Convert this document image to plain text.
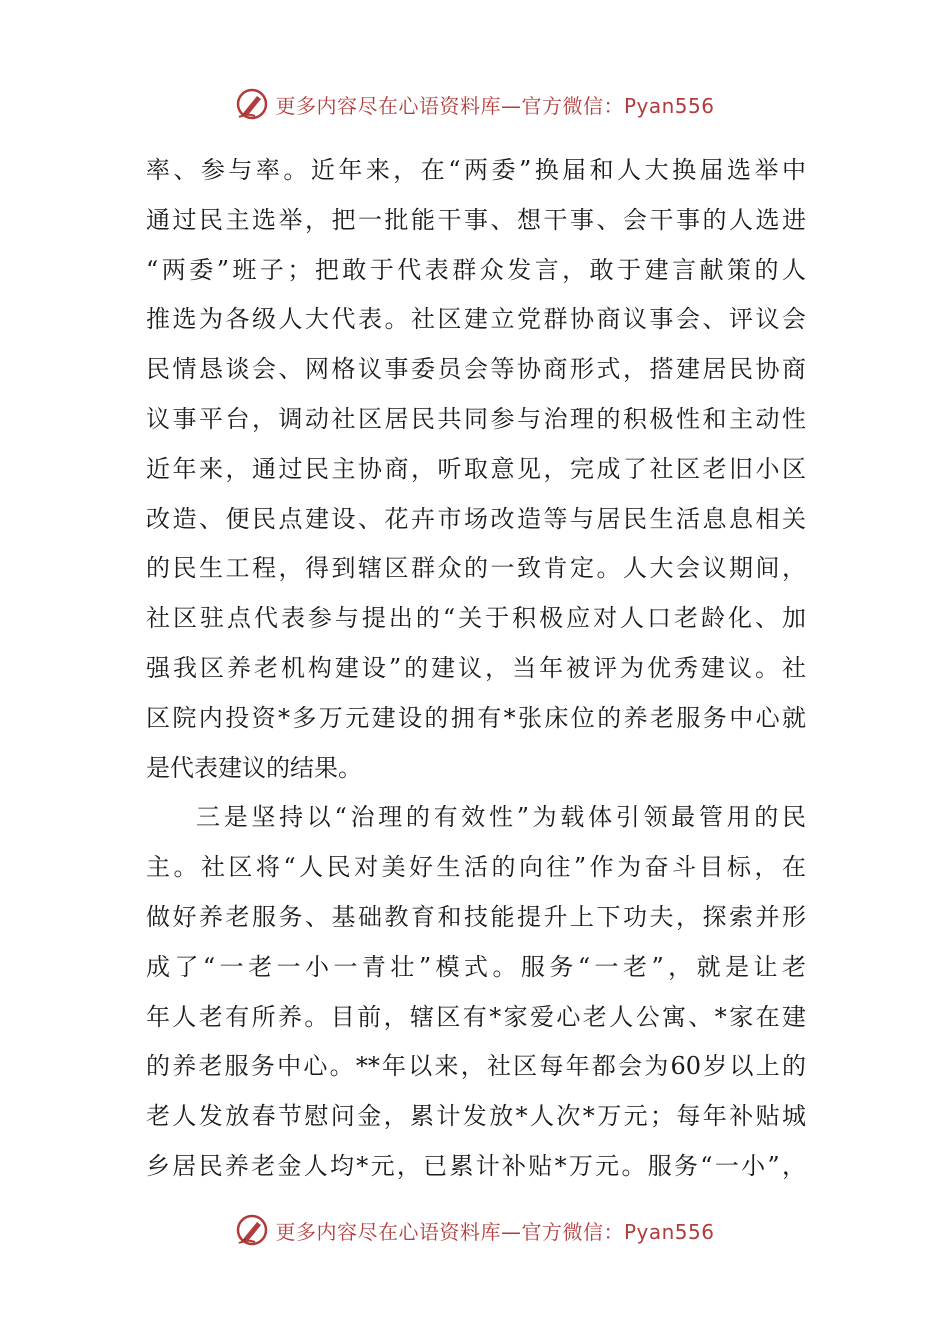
更多内容尽在心语资料库—官方微信：Pyan556
率、参与率。近年来，在“两委”换届和人大换届选举中
通过民主选举，把一批能干事、想干事、会干事的人选进
“两委”班子；把敢于代表群众发言，敢于建言献策的人
推选为各级人大代表。社区建立党群协商议事会、评议会
民情恳谈会、网格议事委员会等协商形式，搭建居民协商
议事平台，调动社区居民共同参与治理的积极性和主动性
近年来，通过民主协商，听取意见，完成了社区老旧小区
改造、便民点建设、花卉市场改造等与居民生活息息相关
的民生工程，得到辖区群众的一致肯定。人大会议期间，
社区驻点代表参与提出的“关于积极应对人口老龄化、加
强我区养老机构建设”的建议，当年被评为优秀建议。社
区院内投资*多万元建设的拥有*张床位的养老服务中心就
是代表建议的结果。
三是坚持以“治理的有效性”为载体引领最管用的民
主。社区将“人民对美好生活的向往”作为奋斗目标，在
做好养老服务、基础教育和技能提升上下功夫，探索并形
成了“一老一小一青壮”模式。服务“一老”，就是让老
年人老有所养。目前，辖区有*家爱心老人公寓、*家在建
的养老服务中心。**年以来，社区每年都会为60岁以上的
老人发放春节慰问金，累计发放*人次*万元；每年补贴城
乡居民养老金人均*元，已累计补贴*万元。服务“一小”，
更多内容尽在心语资料库—官方微信：Pyan556
